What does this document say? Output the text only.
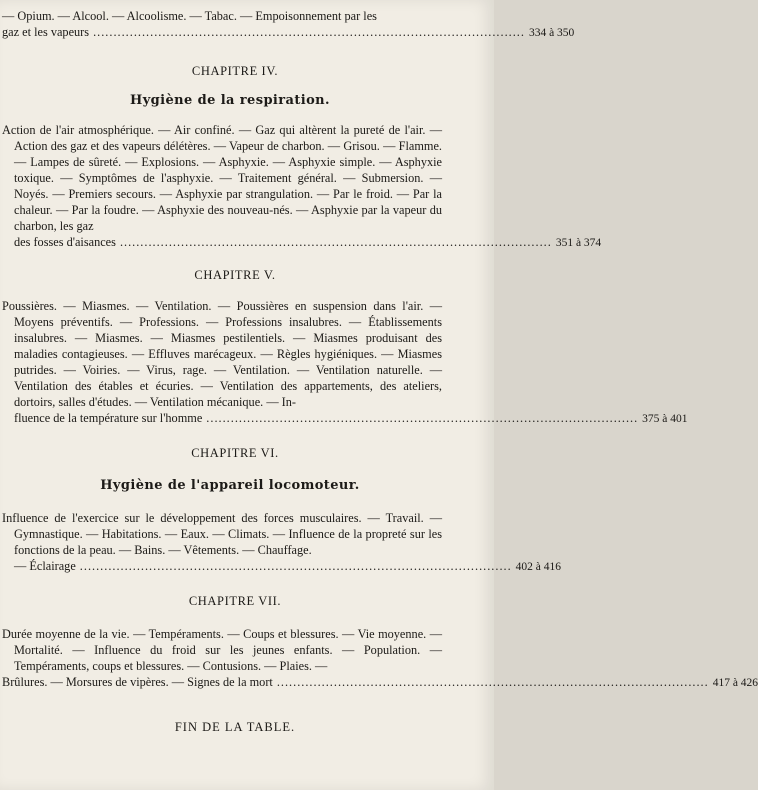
— Opium. — Alcool. — Alcoolisme. — Tabac. — Empoisonnement par les

gaz et les vapeurs .......................................................................................................... 334 à 350
CHAPITRE IV.
Hygiène de la respiration.

Action de l'air atmosphérique. — Air confiné. — Gaz qui altèrent la pureté de l'air. — Action des gaz et des vapeurs délétères. — Vapeur de charbon. — Grisou. — Flamme. — Lampes de sûreté. — Explosions. — Asphyxie. — Asphyxie simple. — Asphyxie toxique. — Symptômes de l'asphyxie. — Traitement général. — Submersion. — Noyés. — Premiers secours. — Asphyxie par strangulation. — Par le froid. — Par la chaleur. — Par la foudre. — Asphyxie des nouveau-nés. — Asphyxie par la vapeur du charbon, les gaz

des fosses d'aisances .......................................................................................................... 351 à 374
CHAPITRE V.

Poussières. — Miasmes. — Ventilation. — Poussières en suspension dans l'air. — Moyens préventifs. — Professions. — Professions insalubres. — Établissements insalubres. — Miasmes. — Miasmes pestilentiels. — Miasmes produisant des maladies contagieuses. — Effluves marécageux. — Règles hygiéniques. — Miasmes putrides. — Voiries. — Virus, rage. — Ventilation. — Ventilation naturelle. — Ventilation des étables et écuries. — Ventilation des appartements, des ateliers, dortoirs, salles d'études. — Ventilation mécanique. — In-

fluence de la température sur l'homme .......................................................................................................... 375 à 401
CHAPITRE VI.
Hygiène de l'appareil locomoteur.

Influence de l'exercice sur le développement des forces musculaires. — Travail. — Gymnastique. — Habitations. — Eaux. — Climats. — Influence de la propreté sur les fonctions de la peau. — Bains. — Vêtements. — Chauffage.

— Éclairage .......................................................................................................... 402 à 416
CHAPITRE VII.

Durée moyenne de la vie. — Tempéraments. — Coups et blessures. — Vie moyenne. — Mortalité. — Influence du froid sur les jeunes enfants. — Population. — Tempéraments, coups et blessures. — Contusions. — Plaies. —

Brûlures. — Morsures de vipères. — Signes de la mort .......................................................................................................... 417 à 426
FIN DE LA TABLE.
